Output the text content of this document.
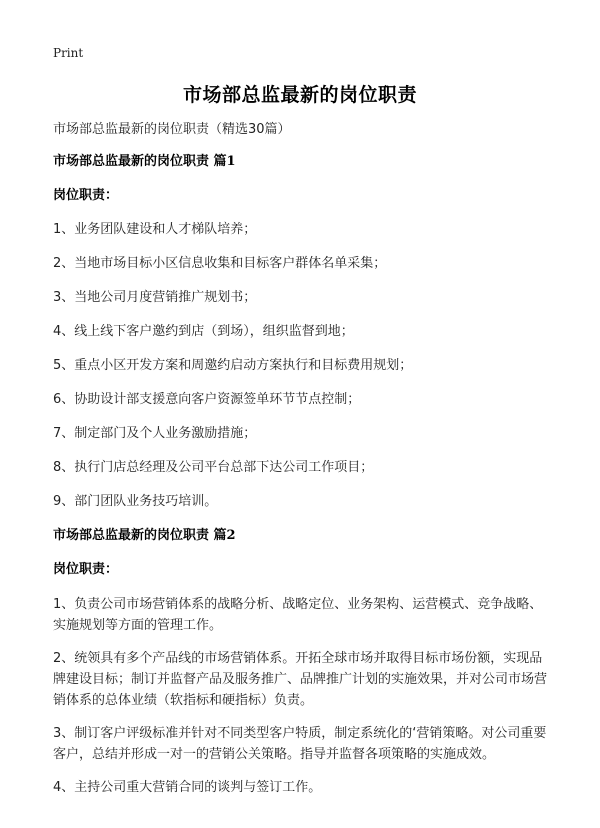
Print
市场部总监最新的岗位职责
市场部总监最新的岗位职责（精选30篇）
市场部总监最新的岗位职责 篇1
岗位职责：
1、业务团队建设和人才梯队培养；
2、当地市场目标小区信息收集和目标客户群体名单采集；
3、当地公司月度营销推广规划书；
4、线上线下客户邀约到店（到场），组织监督到地；
5、重点小区开发方案和周邀约启动方案执行和目标费用规划；
6、协助设计部支援意向客户资源签单环节节点控制；
7、制定部门及个人业务激励措施；
8、执行门店总经理及公司平台总部下达公司工作项目；
9、部门团队业务技巧培训。
市场部总监最新的岗位职责 篇2
岗位职责：
1、负责公司市场营销体系的战略分析、战略定位、业务架构、运营模式、竞争战略、实施规划等方面的管理工作。
2、统领具有多个产品线的市场营销体系。开拓全球市场并取得目标市场份额，实现品牌建设目标；制订并监督产品及服务推广、品牌推广计划的实施效果，并对公司市场营销体系的总体业绩（软指标和硬指标）负责。
3、制订客户评级标准并针对不同类型客户特质，制定系统化的‘营销策略。对公司重要客户，总结并形成一对一的营销公关策略。指导并监督各项策略的实施成效。
4、主持公司重大营销合同的谈判与签订工作。
